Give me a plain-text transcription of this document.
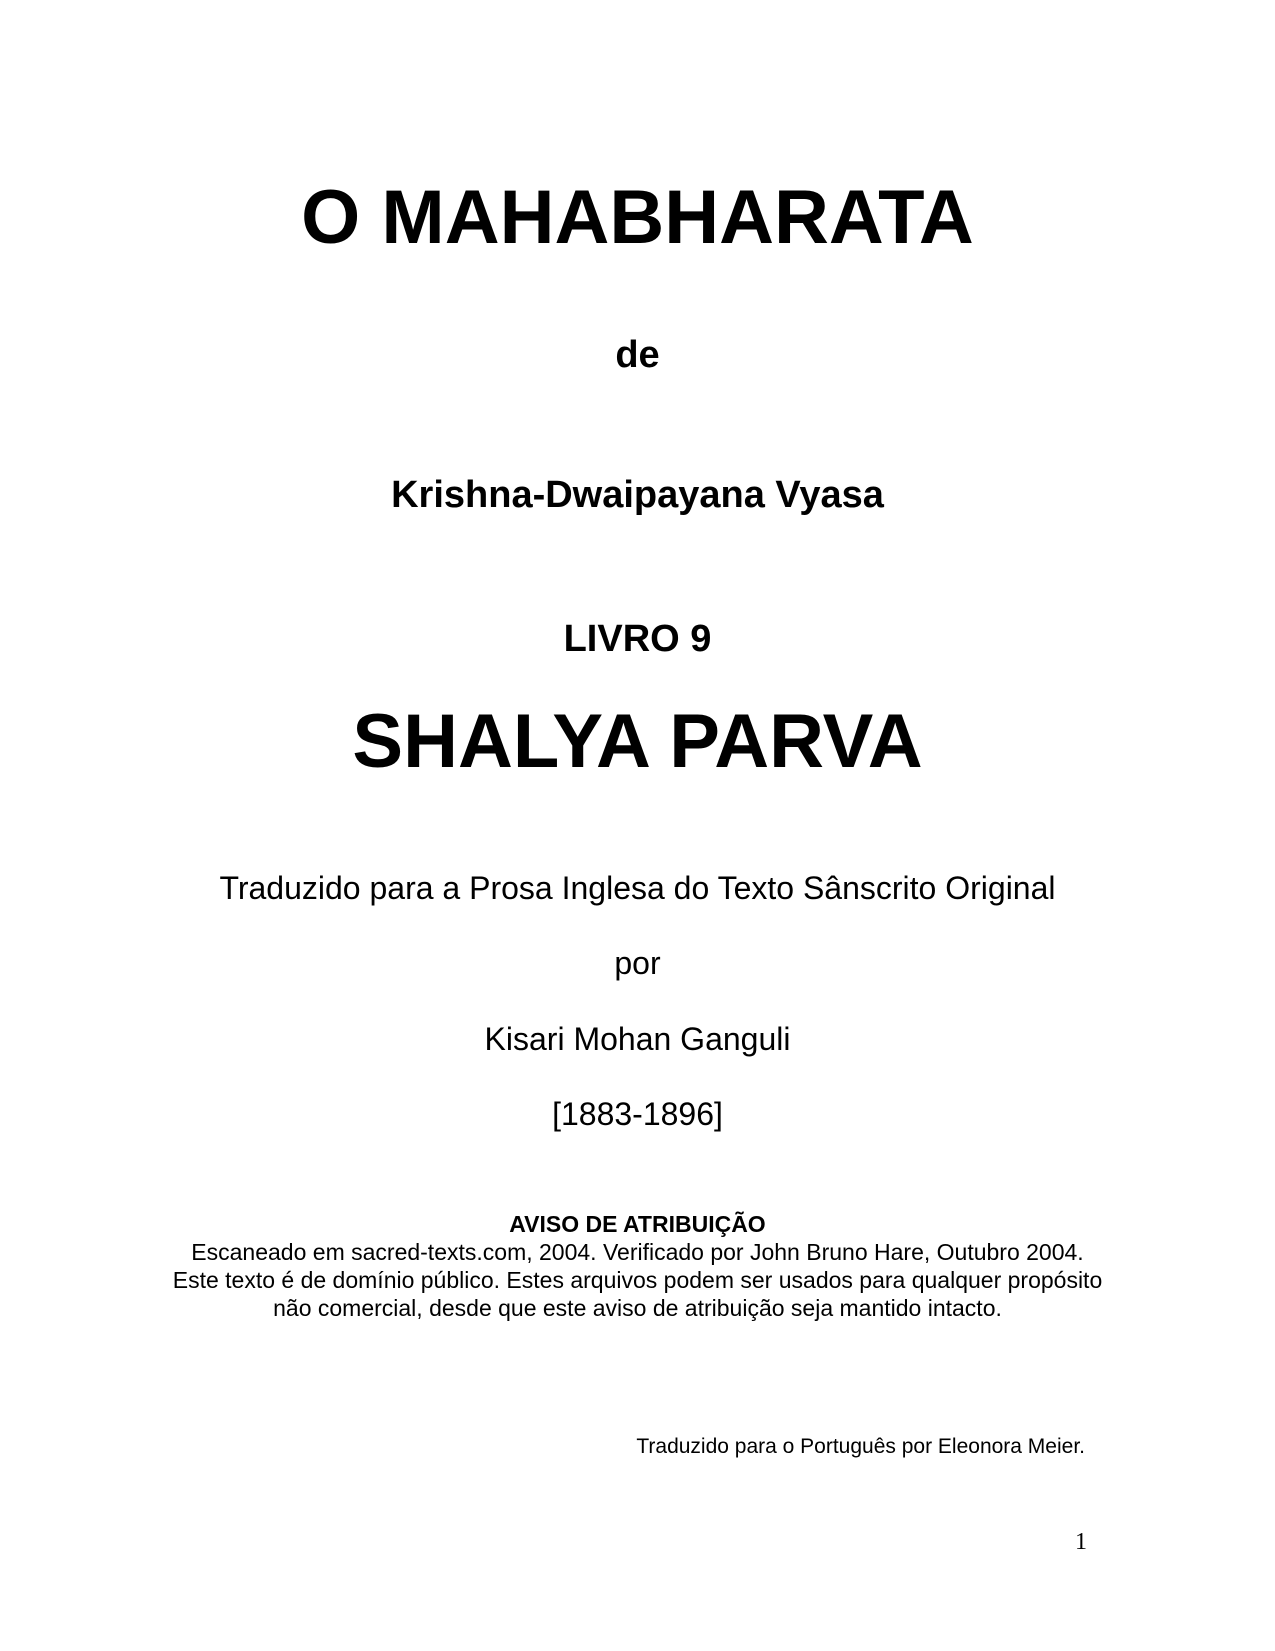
O MAHABHARATA
de
Krishna-Dwaipayana Vyasa
LIVRO 9
SHALYA PARVA
Traduzido para a Prosa Inglesa do Texto Sânscrito Original
por
Kisari Mohan Ganguli
[1883-1896]
AVISO DE ATRIBUIÇÃO
Escaneado em sacred-texts.com, 2004. Verificado por John Bruno Hare, Outubro 2004. Este texto é de domínio público. Estes arquivos podem ser usados para qualquer propósito não comercial, desde que este aviso de atribuição seja mantido intacto.
Traduzido para o Português por Eleonora Meier.
1
